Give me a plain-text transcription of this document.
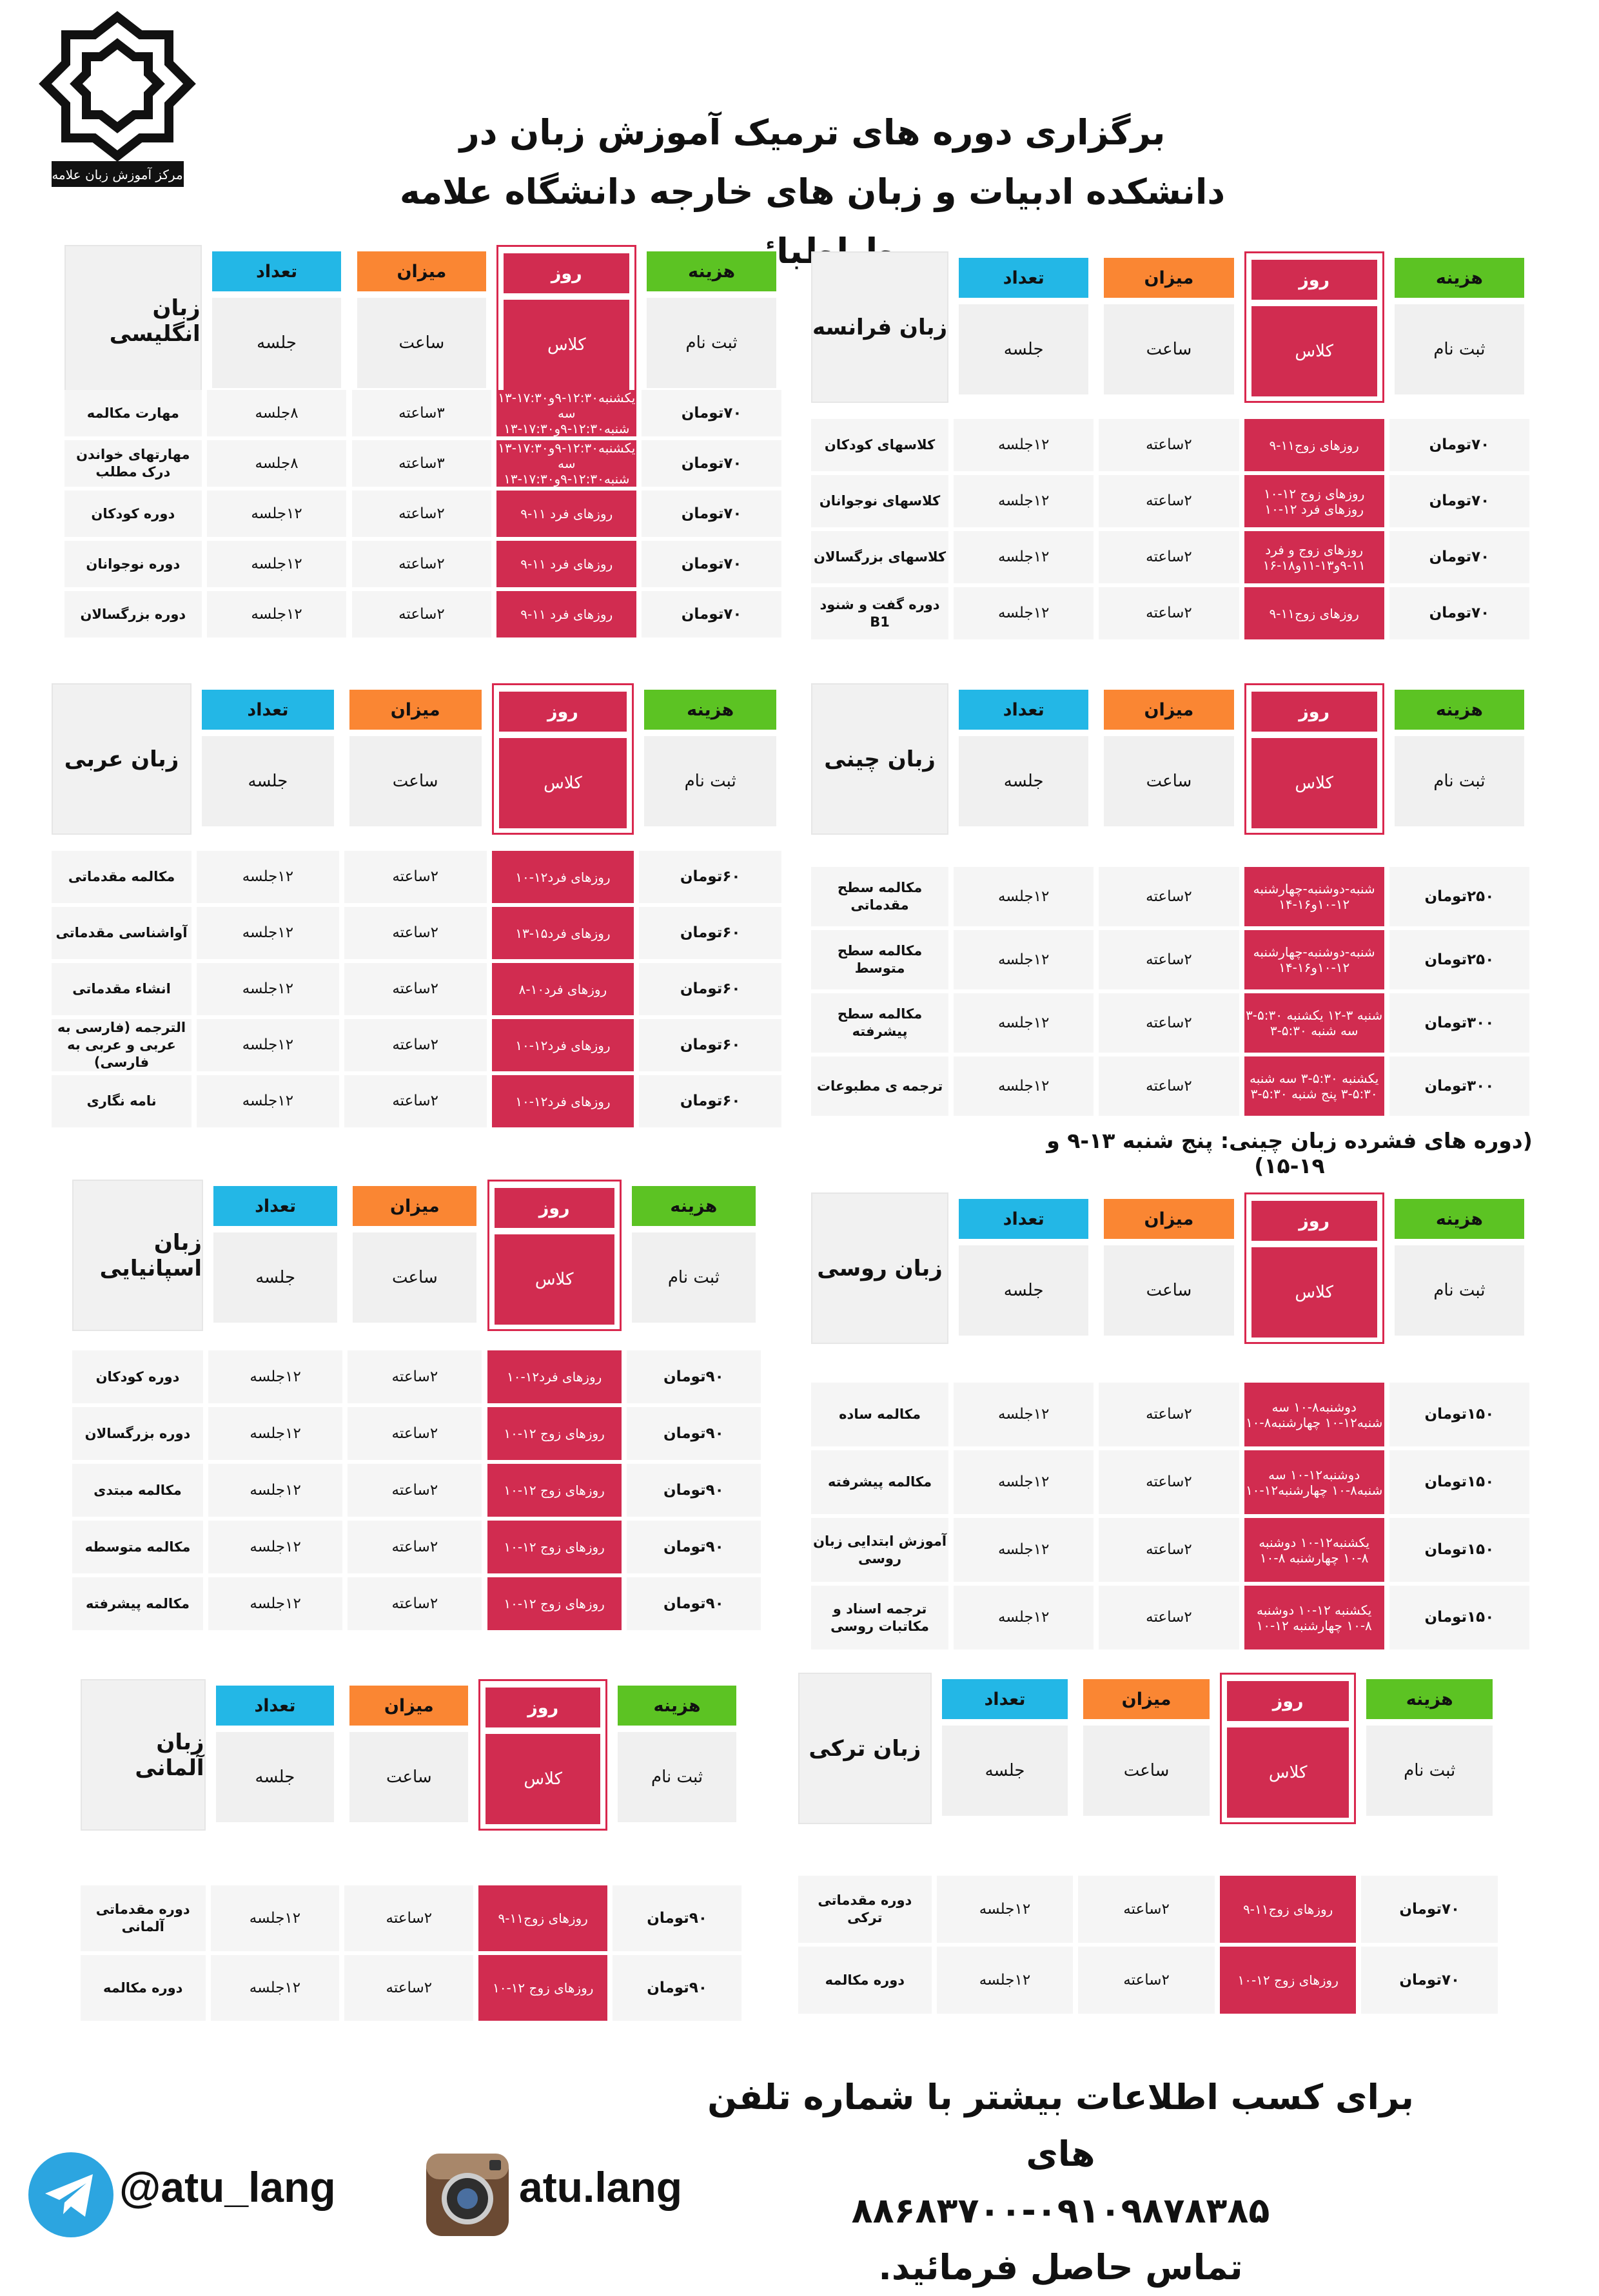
مرکز آموزش زبان علامه
برگزاری دوره های ترمیک آموزش زبان در
دانشکده ادبیات و زبان های خارجه دانشگاه علامه
هزینه
ثبت نام
روز
کلاس
میزان
ساعت
تعداد
جلسه
زبان انگلیسی
۷۰تومان
یکشنبه۱۲:۳۰-۹و۱۷:۳۰-۱۳ سه شنبه۱۲:۳۰-۹و۱۷:۳۰-۱۳
۳ساعته
۸جلسه
مهارت مکالمه
۷۰تومان
یکشنبه۱۲:۳۰-۹و۱۷:۳۰-۱۳ سه شنبه۱۲:۳۰-۹و۱۷:۳۰-۱۳
۳ساعته
۸جلسه
مهارتهای خواندن درک مطلب
۷۰تومان
روزهای فرد ۱۱-۹
۲ساعته
۱۲جلسه
دوره کودکان
۷۰تومان
روزهای فرد ۱۱-۹
۲ساعته
۱۲جلسه
دوره نوجوانان
۷۰تومان
روزهای فرد ۱۱-۹
۲ساعته
۱۲جلسه
دوره بزرگسالان
هزینه
ثبت نام
روز
کلاس
میزان
ساعت
تعداد
جلسه
زبان فرانسه
۷۰تومان
روزهای زوج۱۱-۹
۲ساعته
۱۲جلسه
کلاسهای کودکان
۷۰تومان
روزهای زوج ۱۲-۱۰ روزهای فرد ۱۲-۱۰
۲ساعته
۱۲جلسه
کلاسهای نوجوانان
۷۰تومان
روزهای زوج و فرد ۱۱-۹و۱۳-۱۱و۱۸-۱۶
۲ساعته
۱۲جلسه
کلاسهای بزرگسالان
۷۰تومان
روزهای زوج۱۱-۹
۲ساعته
۱۲جلسه
دوره گفت و شنود B1
هزینه
ثبت نام
روز
کلاس
میزان
ساعت
تعداد
جلسه
زبان عربی
۶۰تومان
روزهای فرد۱۲-۱۰
۲ساعته
۱۲جلسه
مکالمه مقدماتی
۶۰تومان
روزهای فرد۱۵-۱۳
۲ساعته
۱۲جلسه
آواشناسی مقدماتی
۶۰تومان
روزهای فرد۱۰-۸
۲ساعته
۱۲جلسه
انشاء مقدماتی
۶۰تومان
روزهای فرد۱۲-۱۰
۲ساعته
۱۲جلسه
الترجمه (فارسی به عربی و عربی به فارسی)
۶۰تومان
روزهای فرد۱۲-۱۰
۲ساعته
۱۲جلسه
نامه نگاری
هزینه
ثبت نام
روز
کلاس
میزان
ساعت
تعداد
جلسه
زبان چینی
۲۵۰تومان
شنبه-دوشنبه-چهارشنبه ۱۲-۱۰و۱۶-۱۴
۲ساعته
۱۲جلسه
مکالمه سطح مقدماتی
۲۵۰تومان
شنبه-دوشنبه-چهارشنبه ۱۲-۱۰و۱۶-۱۴
۲ساعته
۱۲جلسه
مکالمه سطح متوسط
۳۰۰تومان
شنبه ۳-۱۲ یکشنبه ۵:۳۰-۳ سه شنبه ۵:۳۰-۳
۲ساعته
۱۲جلسه
مکالمه سطح پیشرفته
۳۰۰تومان
یکشنبه ۵:۳۰-۳ سه شنبه ۵:۳۰-۳ پنج شنبه ۵:۳۰-۳
۲ساعته
۱۲جلسه
ترجمه ی مطبوعات
هزینه
ثبت نام
روز
کلاس
میزان
ساعت
تعداد
جلسه
زبان اسپانیایی
۹۰تومان
روزهای فرد۱۲-۱۰
۲ساعته
۱۲جلسه
دوره کودکان
۹۰تومان
روزهای زوج ۱۲-۱۰
۲ساعته
۱۲جلسه
دوره بزرگسالان
۹۰تومان
روزهای زوج ۱۲-۱۰
۲ساعته
۱۲جلسه
مکالمه مبتدی
۹۰تومان
روزهای زوج ۱۲-۱۰
۲ساعته
۱۲جلسه
مکالمه متوسطه
۹۰تومان
روزهای زوج ۱۲-۱۰
۲ساعته
۱۲جلسه
مکالمه پیشرفته
هزینه
ثبت نام
روز
کلاس
میزان
ساعت
تعداد
جلسه
زبان روسی
۱۵۰تومان
دوشنبه۸-۱۰ سه شنبه۱۲-۱۰ چهارشنبه۸-۱۰
۲ساعته
۱۲جلسه
مکالمه ساده
۱۵۰تومان
دوشنبه۱۲-۱۰ سه شنبه۸-۱۰ چهارشنبه۱۲-۱۰
۲ساعته
۱۲جلسه
مکالمه پیشرفته
۱۵۰تومان
یکشنبه۱۲-۱۰ دوشنبه ۸-۱۰ چهارشنبه ۸-۱۰
۲ساعته
۱۲جلسه
آموزش ابتدایی زبان روسی
۱۵۰تومان
یکشنبه ۱۲-۱۰ دوشنبه ۸-۱۰ چهارشنبه ۱۲-۱۰
۲ساعته
۱۲جلسه
ترجمه اسناد و مکاتبات روسی
هزینه
ثبت نام
روز
کلاس
میزان
ساعت
تعداد
جلسه
زبان آلمانی
۹۰تومان
روزهای زوج۱۱-۹
۲ساعته
۱۲جلسه
دوره مقدماتی آلمانی
۹۰تومان
روزهای زوج ۱۲-۱۰
۲ساعته
۱۲جلسه
دوره مکالمه
هزینه
ثبت نام
روز
کلاس
میزان
ساعت
تعداد
جلسه
زبان ترکی
۷۰تومان
روزهای زوج۱۱-۹
۲ساعته
۱۲جلسه
دوره مقدماتی ترکی
۷۰تومان
روزهای زوج ۱۲-۱۰
۲ساعته
۱۲جلسه
دوره مکالمه
(دوره های فشرده زبان چینی: پنج شنبه ۱۳-۹ و ۱۹-۱۵)
برای کسب اطلاعات بیشتر با شماره تلفن های
۸۸۶۸۳۷۰۰-۰۹۱۰۹۸۷۸۳۸۵
تماس حاصل فرمائید.
@atu_lang	atu.lang
